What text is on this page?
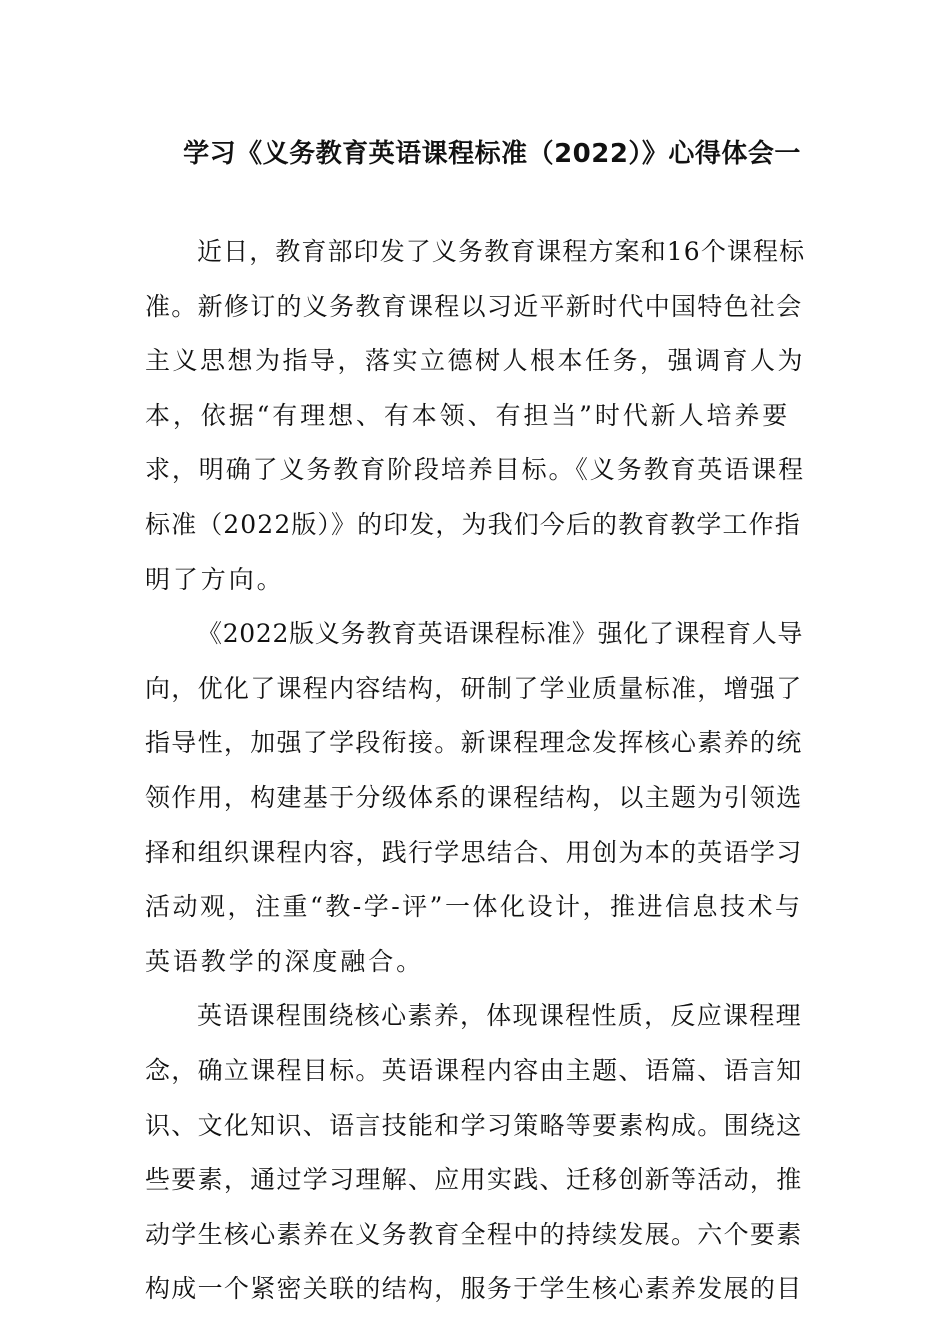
学习《义务教育英语课程标准（2022）》心得体会一
近日，教育部印发了义务教育课程方案和16个课程标
准。新修订的义务教育课程以习近平新时代中国特色社会
主义思想为指导，落实立德树人根本任务，强调育人为
本，依据“有理想、有本领、有担当”时代新人培养要
求，明确了义务教育阶段培养目标。《义务教育英语课程
标准（2022版）》的印发，为我们今后的教育教学工作指
明了方向。
《2022版义务教育英语课程标准》强化了课程育人导
向，优化了课程内容结构，研制了学业质量标准，增强了
指导性，加强了学段衔接。新课程理念发挥核心素养的统
领作用，构建基于分级体系的课程结构，以主题为引领选
择和组织课程内容，践行学思结合、用创为本的英语学习
活动观，注重“教-学-评”一体化设计，推进信息技术与
英语教学的深度融合。
英语课程围绕核心素养，体现课程性质，反应课程理
念，确立课程目标。英语课程内容由主题、语篇、语言知
识、文化知识、语言技能和学习策略等要素构成。围绕这
些要素，通过学习理解、应用实践、迁移创新等活动，推
动学生核心素养在义务教育全程中的持续发展。六个要素
构成一个紧密关联的结构，服务于学生核心素养发展的目
